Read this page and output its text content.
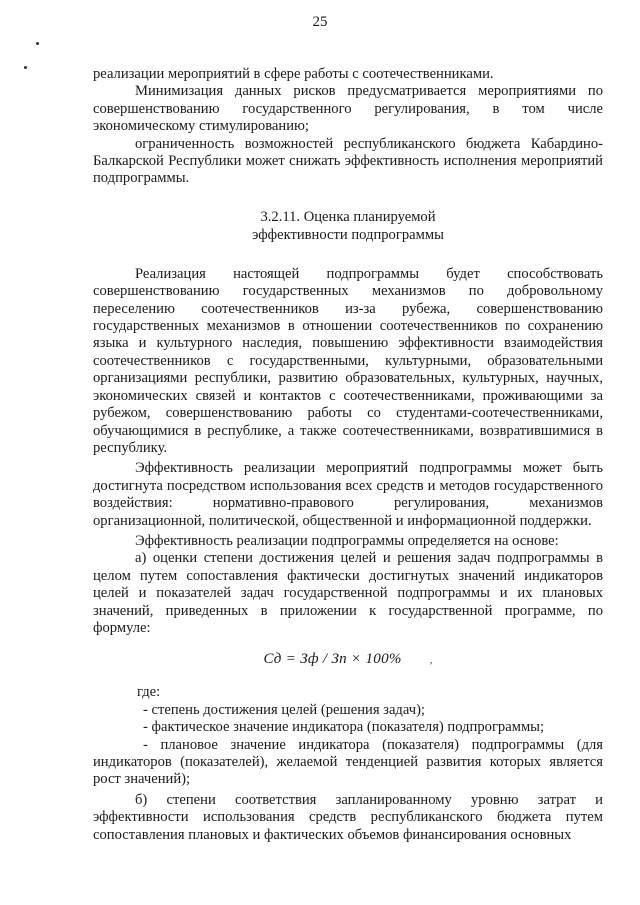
25

реализации мероприятий в сфере работы с соотечественниками.

Минимизация данных рисков предусматривается мероприятиями по совершенствованию государственного регулирования, в том числе экономическому стимулированию;

ограниченность возможностей республиканского бюджета Кабардино-Балкарской Республики может снижать эффективность исполнения мероприятий подпрограммы.

3.2.11. Оценка планируемой
эффективности подпрограммы

Реализация настоящей подпрограммы будет способствовать совершенствованию государственных механизмов по добровольному переселению соотечественников из-за рубежа, совершенствованию государственных механизмов в отношении соотечественников по сохранению языка и культурного наследия, повышению эффективности взаимодействия соотечественников с государственными, культурными, образовательными организациями республики, развитию образовательных, культурных, научных, экономических связей и контактов с соотечественниками, проживающими за рубежом, совершенствованию работы со студентами-соотечественниками, обучающимися в республике, а также соотечественниками, возвратившимися в республику.

Эффективность реализации мероприятий подпрограммы может быть достигнута посредством использования всех средств и методов государственного воздействия: нормативно-правового регулирования, механизмов организационной, политической, общественной и информационной поддержки.

Эффективность реализации подпрограммы определяется на основе:

а) оценки степени достижения целей и решения задач подпрограммы в целом путем сопоставления фактически достигнутых значений индикаторов целей и показателей задач государственной подпрограммы и их плановых значений, приведенных в приложении к государственной программе, по формуле:

Cд = Зф / Зп × 100%	,

где:

- степень достижения целей (решения задач);

- фактическое значение индикатора (показателя) подпрограммы;

- плановое значение индикатора (показателя) подпрограммы (для индикаторов (показателей), желаемой тенденцией развития которых является рост значений);

б) степени соответствия запланированному уровню затрат и эффективности использования средств республиканского бюджета путем сопоставления плановых и фактических объемов финансирования основных
